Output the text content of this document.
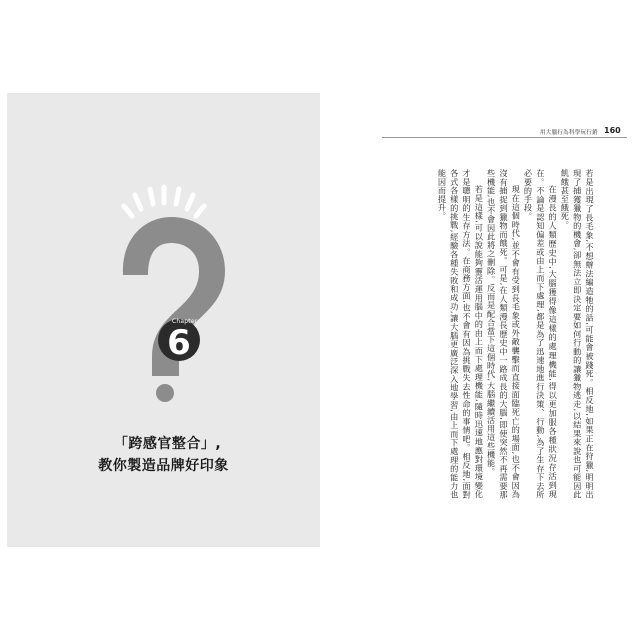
Chapter
6
「跨感官整合」,
教你製造品牌好印象
用大腦行為科學玩行銷 160

若是出現了長毛象,不想辦法編造牠的話,可能會被踐死。相反地,如果正在狩獵,明明出現了捕獲獵物的機會,卻無法立即決定要如何行動的讓獵物逃走,以結果來說也可能因此飢餓甚至餓死。

在漫長的人類歷史中,大腦獲得像這樣的處理機能,得以更加服各種狀況存活到現在。不論是認知偏差或由上而下處理,都是為了迅速地進行決策、行動,為了生存下去所必要的手段。

現在這個時代,並不會有受到長毛象或外敵襲擊而直接面臨死亡的場面,也不會因為沒有捕捉到獵物而餓死。可是,在人類漫長歷史中一路成長的大腦,即使突然不再需要那些機能,也不會因此將之刪除。反而是配合當下這個時代,大腦繼續活用這些機能。

若是這樣,可以說能夠靈活運用腦中的由上而下處理機能,隨時迅速地應對環境變化才是聰明的生存方法。在商務方面,也不會有因為挑戰失去性命的事情吧。相反地,面對各式各樣的挑戰,經驗各種失敗和成功,讓大腦更廣泛深入地學習,由上而下處理的能力也能因而提升。
